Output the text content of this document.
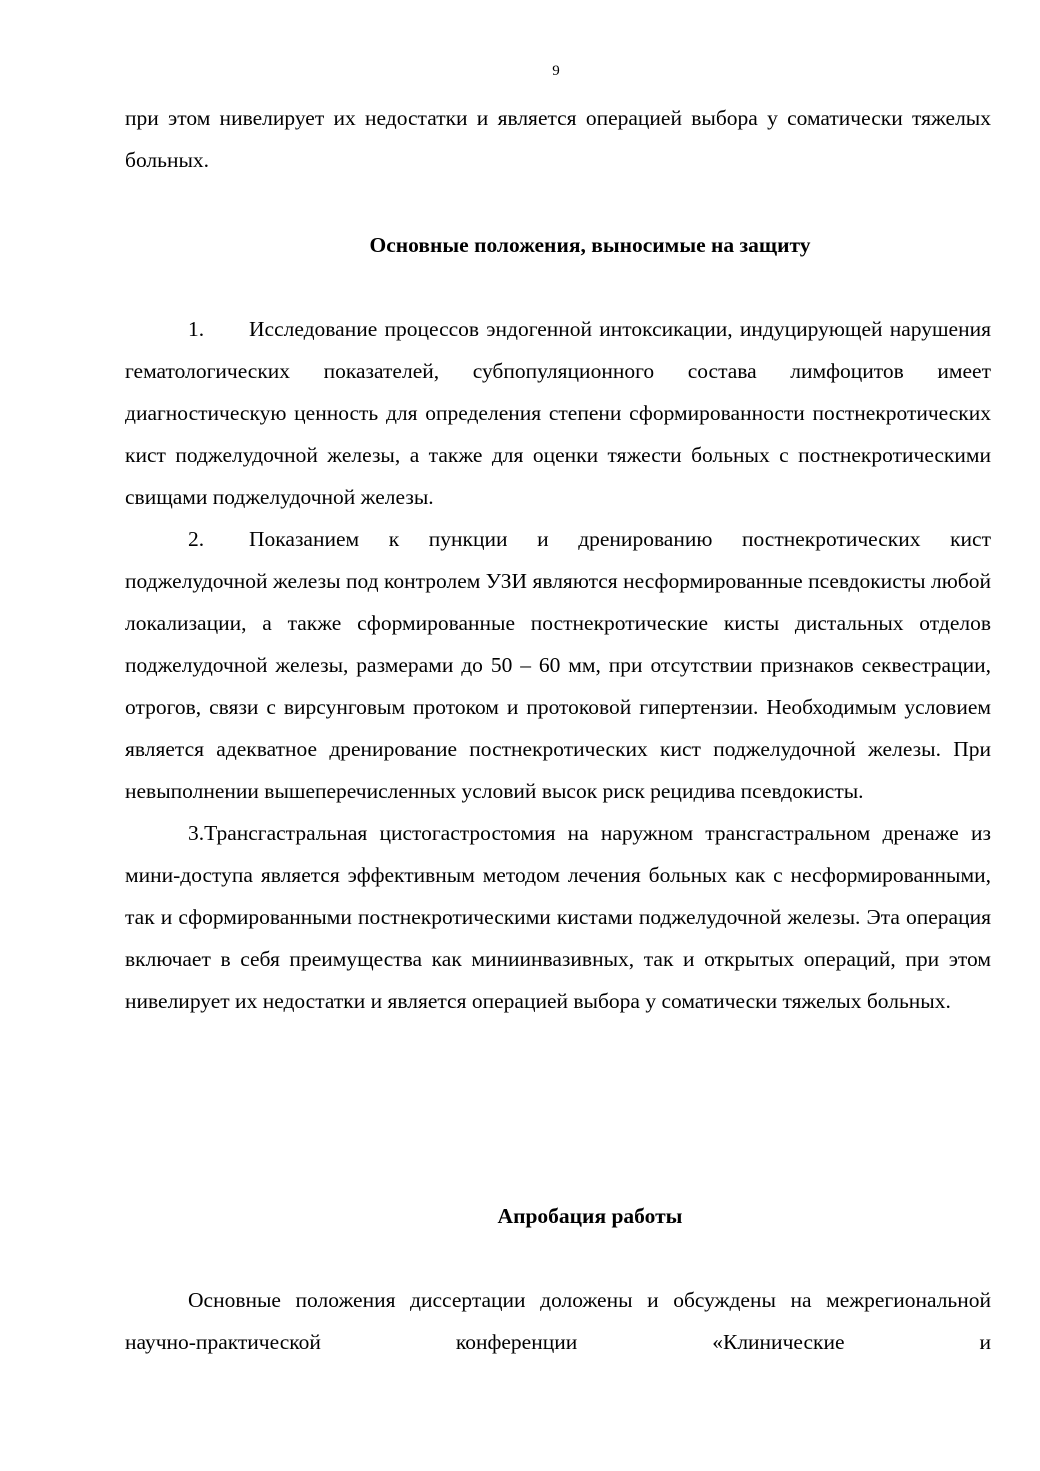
9

при этом нивелирует их недостатки и является операцией выбора у соматически тяжелых больных.

Основные положения, выносимые на защиту

1. Исследование процессов эндогенной интоксикации, индуцирующей нарушения гематологических показателей, субпопуляционного состава лимфоцитов имеет диагностическую ценность для определения степени сформированности постнекротических кист поджелудочной железы, а также для оценки тяжести больных с постнекротическими свищами поджелудочной железы.

2. Показанием к пункции и дренированию постнекротических кист поджелудочной железы под контролем УЗИ являются несформированные псевдокисты любой локализации, а также сформированные постнекротические кисты дистальных отделов поджелудочной железы, размерами до 50 – 60 мм, при отсутствии признаков секвестрации, отрогов, связи с вирсунговым протоком и протоковой гипертензии. Необходимым условием является адекватное дренирование постнекротических кист поджелудочной железы. При невыполнении вышеперечисленных условий высок риск рецидива псевдокисты.

3.Трансгастральная цистогастростомия на наружном трансгастральном дренаже из мини-доступа является эффективным методом лечения больных как с несформированными, так и сформированными постнекротическими кистами поджелудочной железы. Эта операция включает в себя преимущества как миниинвазивных, так и открытых операций, при этом нивелирует их недостатки и является операцией выбора у соматически тяжелых больных.

Апробация работы

Основные положения диссертации доложены и обсуждены на межрегиональной научно-практической конференции «Клинические и
